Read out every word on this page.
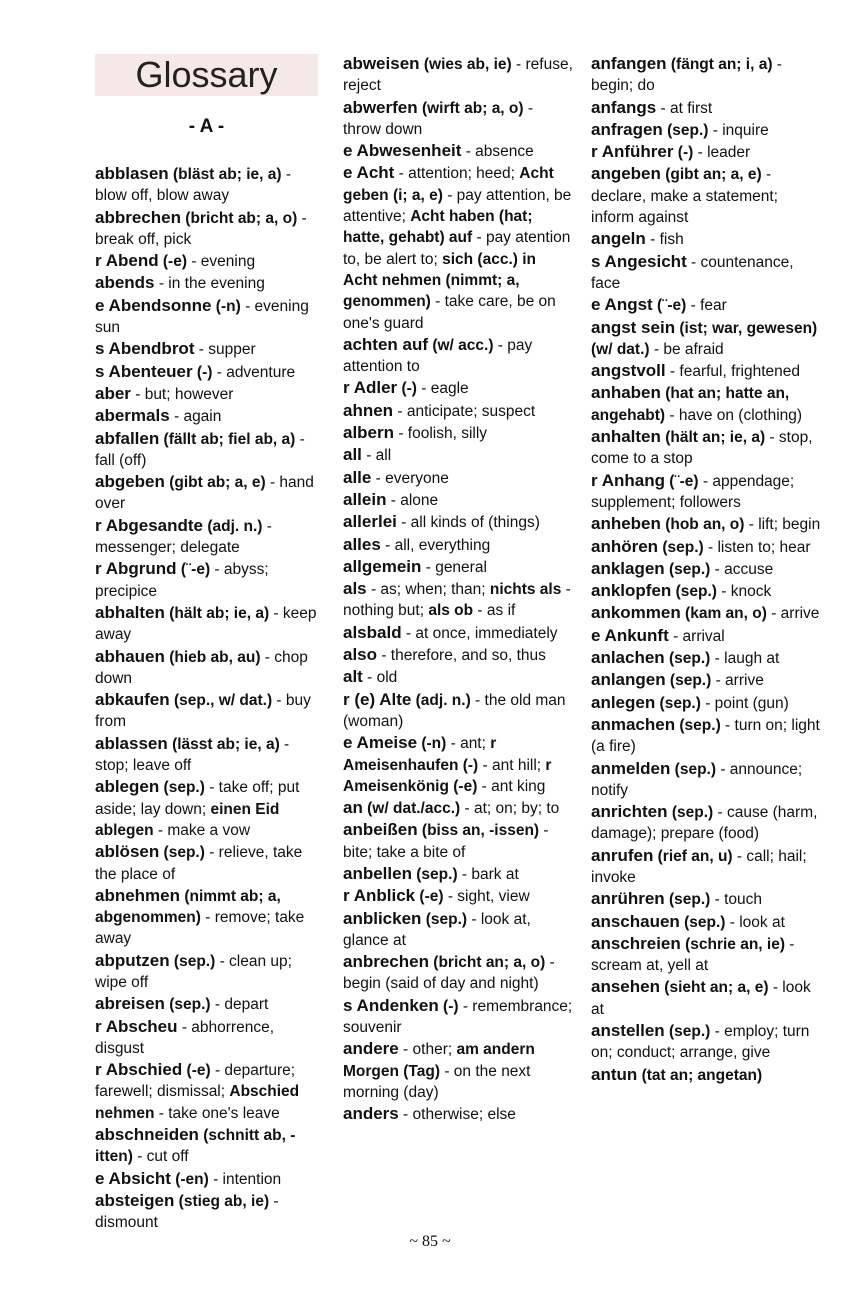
Glossary
- A -

abblasen (bläst ab; ie, a) - blow off, blow away

abbrechen (bricht ab; a, o) - break off, pick

r Abend (-e) - evening

abends - in the evening

e Abendsonne (-n) - evening sun

s Abendbrot - supper

s Abenteuer (-) - adventure

aber - but; however

abermals - again

abfallen (fällt ab; fiel ab, a) - fall (off)

abgeben (gibt ab; a, e) - hand over

r Abgesandte (adj. n.) - messenger; delegate

r Abgrund (¨-e) - abyss; precipice

abhalten (hält ab; ie, a) - keep away

abhauen (hieb ab, au) - chop down

abkaufen (sep., w/ dat.) - buy from

ablassen (lässt ab; ie, a) - stop; leave off

ablegen (sep.) - take off; put aside; lay down; einen Eid ablegen - make a vow

ablösen (sep.) - relieve, take the place of

abnehmen (nimmt ab; a, abgenommen) - remove; take away

abputzen (sep.) - clean up; wipe off

abreisen (sep.) - depart

r Abscheu - abhorrence, disgust

r Abschied (-e) - departure; farewell; dismissal; Abschied nehmen - take one's leave

abschneiden (schnitt ab, -itten) - cut off

e Absicht (-en) - intention

absteigen (stieg ab, ie) - dismount

abweisen (wies ab, ie) - refuse, reject

abwerfen (wirft ab; a, o) - throw down

e Abwesenheit - absence

e Acht - attention; heed; Acht geben (i; a, e) - pay attention, be attentive; Acht haben (hat; hatte, gehabt) auf - pay atention to, be alert to; sich (acc.) in Acht nehmen (nimmt; a, genommen) - take care, be on one's guard

achten auf (w/ acc.) - pay attention to

r Adler (-) - eagle

ahnen - anticipate; suspect

albern - foolish, silly

all - all

alle - everyone

allein - alone

allerlei - all kinds of (things)

alles - all, everything

allgemein - general

als - as; when; than; nichts als - nothing but; als ob - as if

alsbald - at once, immediately

also - therefore, and so, thus

alt - old

r (e) Alte (adj. n.) - the old man (woman)

e Ameise (-n) - ant; r Ameisenhaufen (-) - ant hill; r Ameisenkönig (-e) - ant king

an (w/ dat./acc.) - at; on; by; to

anbeißen (biss an, -issen) - bite; take a bite of

anbellen (sep.) - bark at

r Anblick (-e) - sight, view

anblicken (sep.) - look at, glance at

anbrechen (bricht an; a, o) - begin (said of day and night)

s Andenken (-) - remembrance; souvenir

andere - other; am andern Morgen (Tag) - on the next morning (day)

anders - otherwise; else

anfangen (fängt an; i, a) - begin; do

anfangs - at first

anfragen (sep.) - inquire

r Anführer (-) - leader

angeben (gibt an; a, e) - declare, make a statement; inform against

angeln - fish

s Angesicht - countenance, face

e Angst (¨-e) - fear

angst sein (ist; war, gewesen) (w/ dat.) - be afraid

angstvoll - fearful, frightened

anhaben (hat an; hatte an, angehabt) - have on (clothing)

anhalten (hält an; ie, a) - stop, come to a stop

r Anhang (¨-e) - appendage; supplement; followers

anheben (hob an, o) - lift; begin

anhören (sep.) - listen to; hear

anklagen (sep.) - accuse

anklopfen (sep.) - knock

ankommen (kam an, o) - arrive

e Ankunft - arrival

anlachen (sep.) - laugh at

anlangen (sep.) - arrive

anlegen (sep.) - point (gun)

anmachen (sep.) - turn on; light (a fire)

anmelden (sep.) - announce; notify

anrichten (sep.) - cause (harm, damage); prepare (food)

anrufen (rief an, u) - call; hail; invoke

anrühren (sep.) - touch

anschauen (sep.) - look at

anschreien (schrie an, ie) - scream at, yell at

ansehen (sieht an; a, e) - look at

anstellen (sep.) - employ; turn on; conduct; arrange, give

antun (tat an; angetan)

~ 85 ~
